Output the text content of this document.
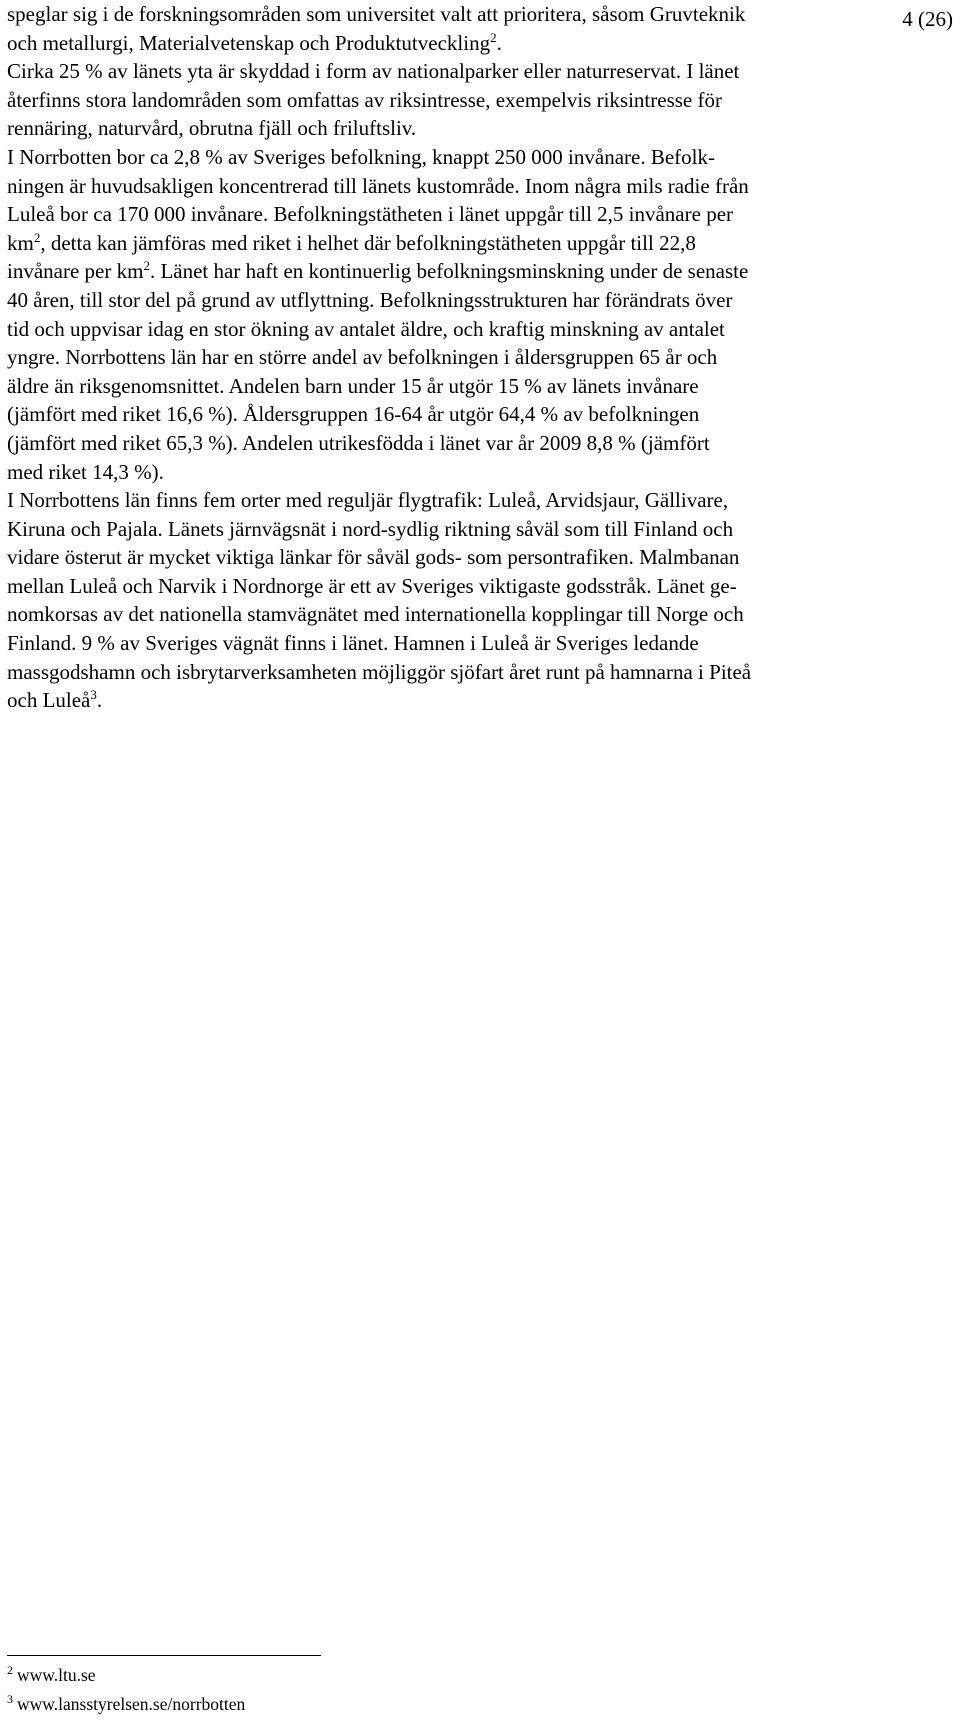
4 (26)

speglar sig i de forskningsområden som universitet valt att prioritera, såsom Gruvteknik
och metallurgi, Materialvetenskap och Produktutveckling$^2$.

Cirka 25 % av länets yta är skyddad i form av nationalparker eller naturreservat. I länet
återfinns stora landområden som omfattas av riksintresse, exempelvis riksintresse för
rennäring, naturvård, obrutna fjäll och friluftsliv.

I Norrbotten bor ca 2,8 % av Sveriges befolkning, knappt 250 000 invånare. Befolk-
ningen är huvudsakligen koncentrerad till länets kustområde. Inom några mils radie från
Luleå bor ca 170 000 invånare. Befolkningstätheten i länet uppgår till 2,5 invånare per
$km^2$, detta kan jämföras med riket i helhet där befolkningstätheten uppgår till 22,8
invånare per $km^2$. Länet har haft en kontinuerlig befolkningsminskning under de senaste
40 åren, till stor del på grund av utflyttning. Befolkningsstrukturen har förändrats över
tid och uppvisar idag en stor ökning av antalet äldre, och kraftig minskning av antalet
yngre. Norrbottens län har en större andel av befolkningen i åldersgruppen 65 år och
äldre än riksgenomsnittet. Andelen barn under 15 år utgör 15 % av länets invånare
(jämfört med riket 16,6 %). Åldersgruppen 16-64 år utgör 64,4 % av befolkningen
(jämfört med riket 65,3 %). Andelen utrikesfödda i länet var år 2009 8,8 % (jämfört
med riket 14,3 %).

I Norrbottens län finns fem orter med reguljär flygtrafik: Luleå, Arvidsjaur, Gällivare,
Kiruna och Pajala. Länets järnvägsnät i nord-sydlig riktning såväl som till Finland och
vidare österut är mycket viktiga länkar för såväl gods- som persontrafiken. Malmbanan
mellan Luleå och Narvik i Nordnorge är ett av Sveriges viktigaste godsstråk. Länet ge-
nomkorsas av det nationella stamvägnätet med internationella kopplingar till Norge och
Finland. 9 % av Sveriges vägnät finns i länet. Hamnen i Luleå är Sveriges ledande
massgodshamn och isbrytarverksamheten möjliggör sjöfart året runt på hamnarna i Piteå
och Luleå$^3$.

$^2$ www.ltu.se
$^3$ www.lansstyrelsen.se/norrbotten
